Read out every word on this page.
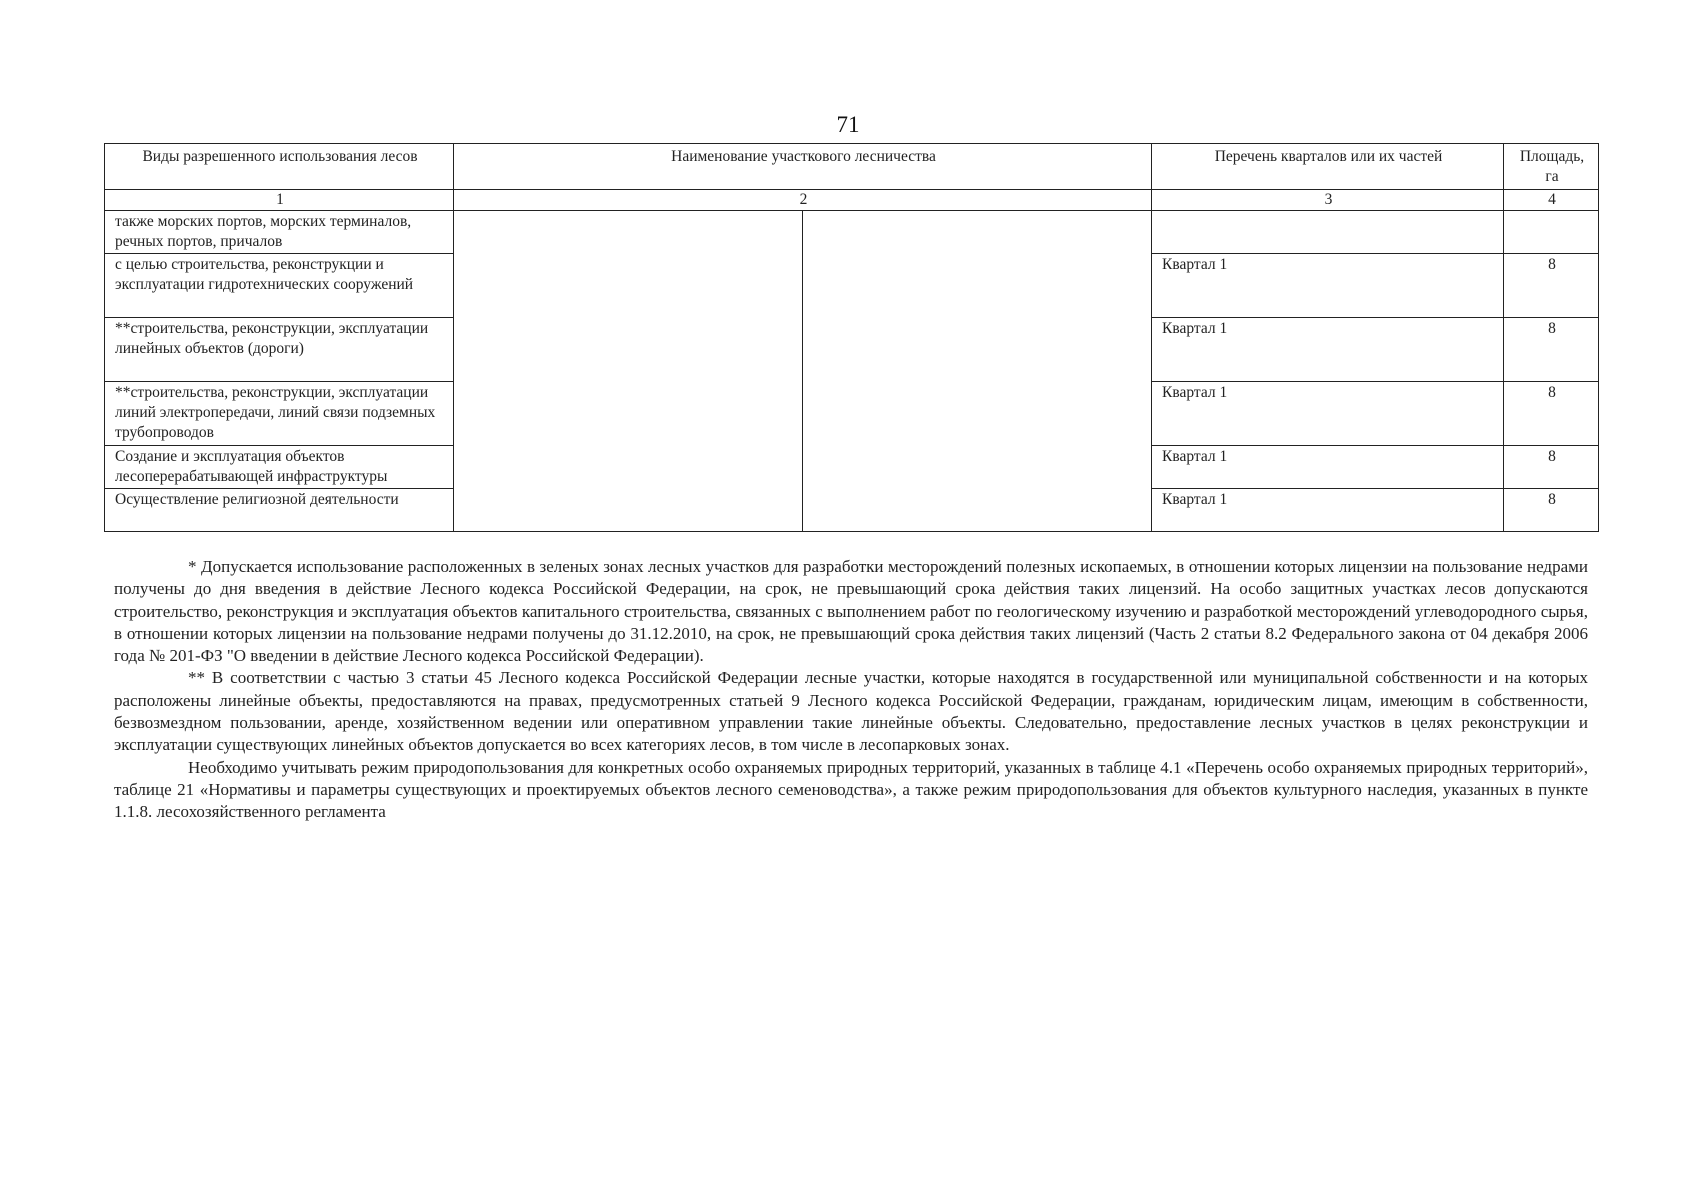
71
Виды разрешенного использования лесов	Наименование участкового лесничества		Перечень кварталов или их частей	Площадь, га
1	2		3	4
также морских портов, морских терминалов, речных портов, причалов				
с целью строительства, реконструкции и эксплуатации гидротехнических сооружений			Квартал 1	8
**строительства, реконструкции, эксплуатации линейных объектов (дороги)			Квартал 1	8
**строительства, реконструкции, эксплуатации линий электропередачи, линий связи подземных трубопроводов			Квартал 1	8
Создание и эксплуатация объектов лесоперерабатывающей инфраструктуры			Квартал 1	8
Осуществление религиозной деятельности			Квартал 1	8

* Допускается использование расположенных в зеленых зонах лесных участков для разработки месторождений полезных ископаемых, в отношении которых лицензии на пользование недрами получены до дня введения в действие Лесного кодекса Российской Федерации, на срок, не превышающий срока действия таких лицензий. На особо защитных участках лесов допускаются строительство, реконструкция и эксплуатация объектов капитального строительства, связанных с выполнением работ по геологическому изучению и разработкой месторождений углеводородного сырья, в отношении которых лицензии на пользование недрами получены до 31.12.2010, на срок, не превышающий срока действия таких лицензий (Часть 2 статьи 8.2 Федерального закона от 04 декабря 2006 года № 201-ФЗ "О введении в действие Лесного кодекса Российской Федерации).

** В соответствии с частью 3 статьи 45 Лесного кодекса Российской Федерации лесные участки, которые находятся в государственной или муниципальной собственности и на которых расположены линейные объекты, предоставляются на правах, предусмотренных статьей 9 Лесного кодекса Российской Федерации, гражданам, юридическим лицам, имеющим в собственности, безвозмездном пользовании, аренде, хозяйственном ведении или оперативном управлении такие линейные объекты. Следовательно, предоставление лесных участков в целях реконструкции и эксплуатации существующих линейных объектов допускается во всех категориях лесов, в том числе в лесопарковых зонах.

Необходимо учитывать режим природопользования для конкретных особо охраняемых природных территорий, указанных в таблице 4.1 «Перечень особо охраняемых природных территорий», таблице 21 «Нормативы и параметры существующих и проектируемых объектов лесного семеноводства», а также режим природопользования для объектов культурного наследия, указанных в пункте 1.1.8. лесохозяйственного регламента
